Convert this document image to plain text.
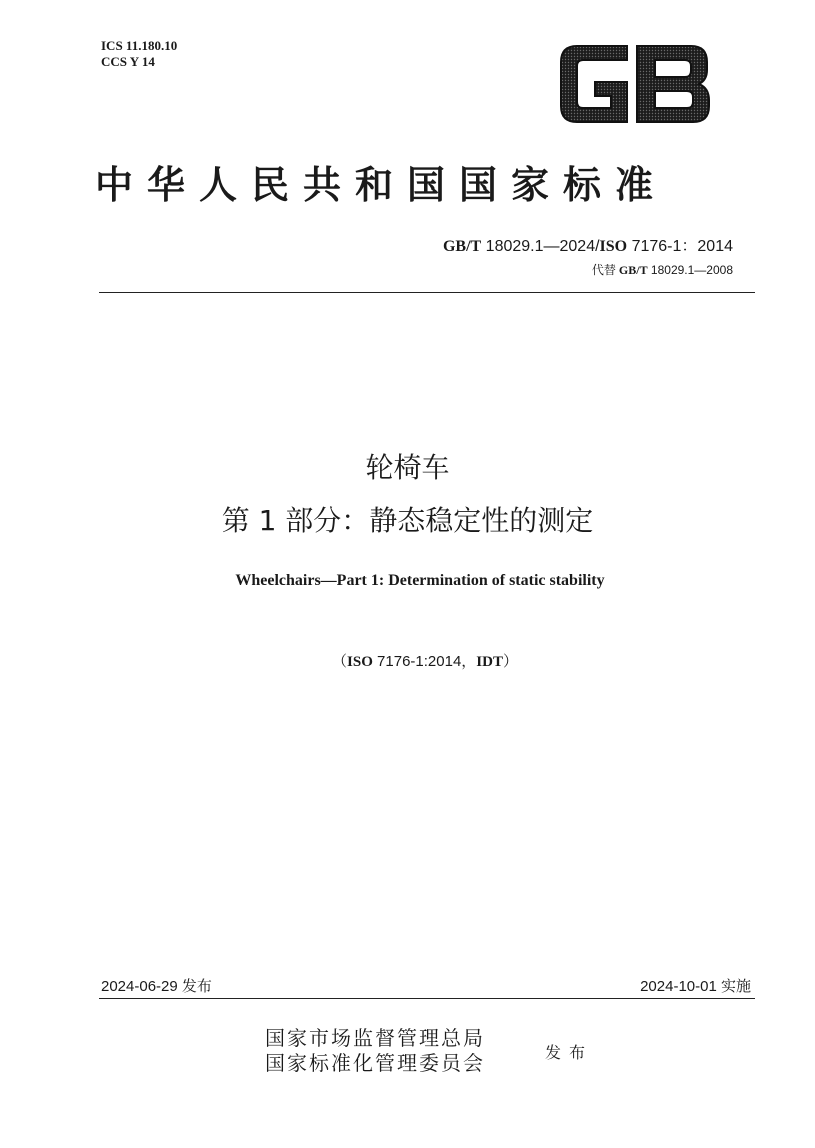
ICS 11.180.10
CCS Y 14
中华人民共和国国家标准
GB/T 18029.1—2024/ISO 7176-1：2014
代替 GB/T 18029.1—2008
轮椅车
第 1 部分：静态稳定性的测定
Wheelchairs—Part 1: Determination of static stability
（ISO 7176-1:2014，IDT）
2024-06-29 发布	2024-10-01 实施
国家市场监督管理总局
国家标准化管理委员会	发布
